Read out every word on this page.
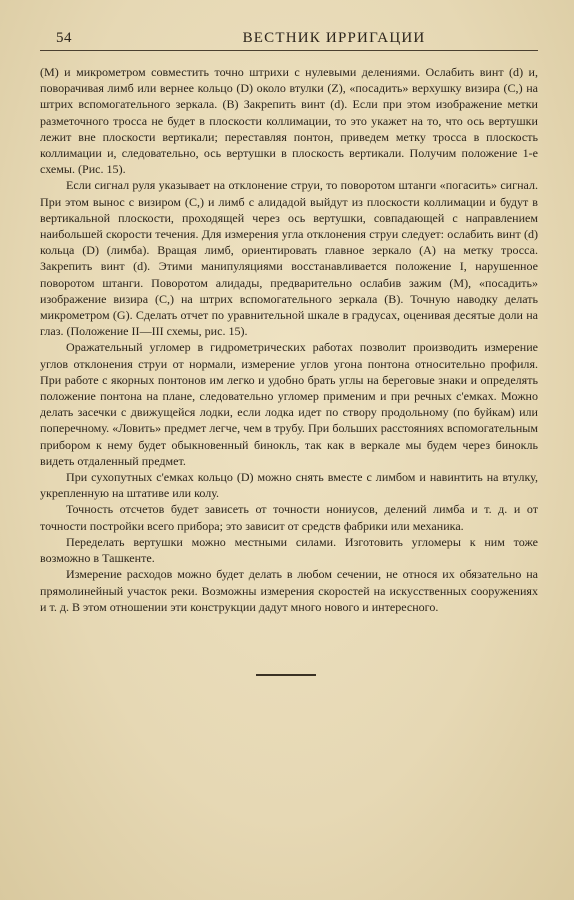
54	ВЕСТНИК ИРРИГАЦИИ

(М) и микрометром совместить точно штрихи с нулевыми делениями. Ослабить винт (d) и, поворачивая лимб или вернее кольцо (D) около втулки (Z), «посадить» верхушку визира (С,) на штрих вспомогательного зеркала. (В) Закрепить винт (d). Если при этом изображение метки разметочного тросса не будет в плоскости коллимации, то это укажет на то, что ось вертушки лежит вне плоскости вертикали; переставляя понтон, приведем метку тросса в плоскость коллимации и, следовательно, ось вертушки в плоскость вертикали. Получим положение 1-е схемы. (Рис. 15).

Если сигнал руля указывает на отклонение струи, то поворотом штанги «погасить» сигнал. При этом вынос с визиром (С,) и лимб с алидадой выйдут из плоскости коллимации и будут в вертикальной плоскости, проходящей через ось вертушки, совпадающей с направлением наибольшей скорости течения. Для измерения угла отклонения струи следует: ослабить винт (d) кольца (D) (лимба). Вращая лимб, ориентировать главное зеркало (А) на метку тросса. Закрепить винт (d). Этими манипуляциями восстанавливается положение I, нарушенное поворотом штанги. Поворотом алидады, предварительно ослабив зажим (М), «посадить» изображение визира (С,) на штрих вспомогательного зеркала (В). Точную наводку делать микрометром (G). Сделать отчет по уравнительной шкале в градусах, оценивая десятые доли на глаз. (Положение II—III схемы, рис. 15).

Оражательный угломер в гидрометрических работах позволит производить измерение углов отклонения струи от нормали, измерение углов угона понтона относительно профиля. При работе с якорных понтонов им легко и удобно брать углы на береговые знаки и определять положение понтона на плане, следовательно угломер применим и при речных с'емках. Можно делать засечки с движущейся лодки, если лодка идет по створу продольному (по буйкам) или поперечному. «Ловить» предмет легче, чем в трубу. При больших расстояниях вспомогательным прибором к нему будет обыкновенный бинокль, так как в веркале мы будем через бинокль видеть отдаленный предмет.

При сухопутных с'емках кольцо (D) можно снять вместе с лимбом и навинтить на втулку, укрепленную на штативе или колу.

Точность отсчетов будет зависеть от точности нониусов, делений лимба и т. д. и от точности постройки всего прибора; это зависит от средств фабрики или механика.

Переделать вертушки можно местными силами. Изготовить угломеры к ним тоже возможно в Ташкенте.

Измерение расходов можно будет делать в любом сечении, не относя их обязательно на прямолинейный участок реки. Возможны измерения скоростей на искусственных сооружениях и т. д. В этом отношении эти конструкции дадут много нового и интересного.
